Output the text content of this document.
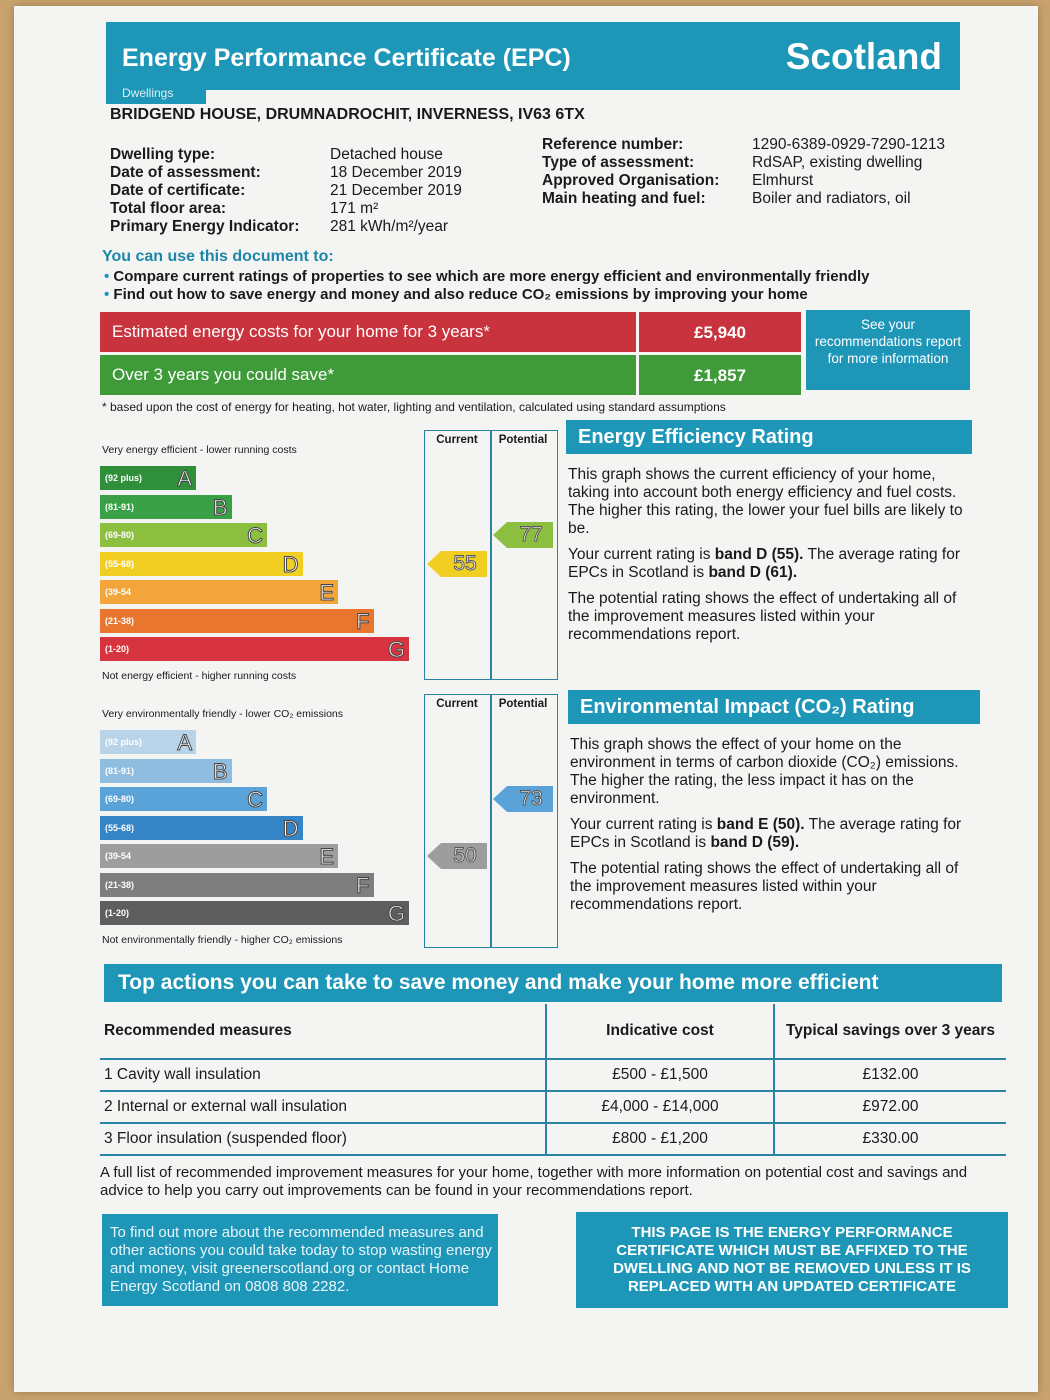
Energy Performance Certificate (EPC)	Scotland
Dwellings
BRIDGEND HOUSE, DRUMNADROCHIT, INVERNESS, IV63 6TX
Dwelling type:	Detached house
Date of assessment:	18 December 2019
Date of certificate:	21 December 2019
Total floor area:	171 m²
Primary Energy Indicator:	281 kWh/m²/year
Reference number:	1290-6389-0929-7290-1213
Type of assessment:	RdSAP, existing dwelling
Approved Organisation:	Elmhurst
Main heating and fuel:	Boiler and radiators, oil
You can use this document to:
• Compare current ratings of properties to see which are more energy efficient and environmentally friendly
• Find out how to save energy and money and also reduce CO₂ emissions by improving your home
Estimated energy costs for your home for 3 years*	£5,940
Over 3 years you could save*	£1,857
See your recommendations report for more information
* based upon the cost of energy for heating, hot water, lighting and ventilation, calculated using standard assumptions
Very energy efficient - lower running costs
Current	Potential
(92 plus) A
(81-91)	B
(69-80)	C
(55-68)	D
(39-54	E
(21-38)	F
(1-20)	G
Not energy efficient - higher running costs
55
77
Energy Efficiency Rating
This graph shows the current efficiency of your home, taking into account both energy efficiency and fuel costs. The higher this rating, the lower your fuel bills are likely to be.
Your current rating is band D (55). The average rating for EPCs in Scotland is band D (61).
The potential rating shows the effect of undertaking all of the improvement measures listed within your recommendations report.
Very environmentally friendly - lower CO₂ emissions
Current	Potential
(92 plus) A
(81-91)	B
(69-80)	C
(55-68)	D
(39-54	E
(21-38)	F
(1-20)	G
Not environmentally friendly - higher CO₂ emissions
50
73
Environmental Impact (CO₂) Rating
This graph shows the effect of your home on the environment in terms of carbon dioxide (CO₂) emissions. The higher the rating, the less impact it has on the environment.
Your current rating is band E (50). The average rating for EPCs in Scotland is band D (59).
The potential rating shows the effect of undertaking all of the improvement measures listed within your recommendations report.
Top actions you can take to save money and make your home more efficient
Recommended measures	Indicative cost	Typical savings over 3 years
1 Cavity wall insulation	£500 - £1,500	£132.00
2 Internal or external wall insulation	£4,000 - £14,000	£972.00
3 Floor insulation (suspended floor)	£800 - £1,200	£330.00
A full list of recommended improvement measures for your home, together with more information on potential cost and savings and advice to help you carry out improvements can be found in your recommendations report.
To find out more about the recommended measures and other actions you could take today to stop wasting energy and money, visit greenerscotland.org or contact Home Energy Scotland on 0808 808 2282.
THIS PAGE IS THE ENERGY PERFORMANCE CERTIFICATE WHICH MUST BE AFFIXED TO THE DWELLING AND NOT BE REMOVED UNLESS IT IS REPLACED WITH AN UPDATED CERTIFICATE
